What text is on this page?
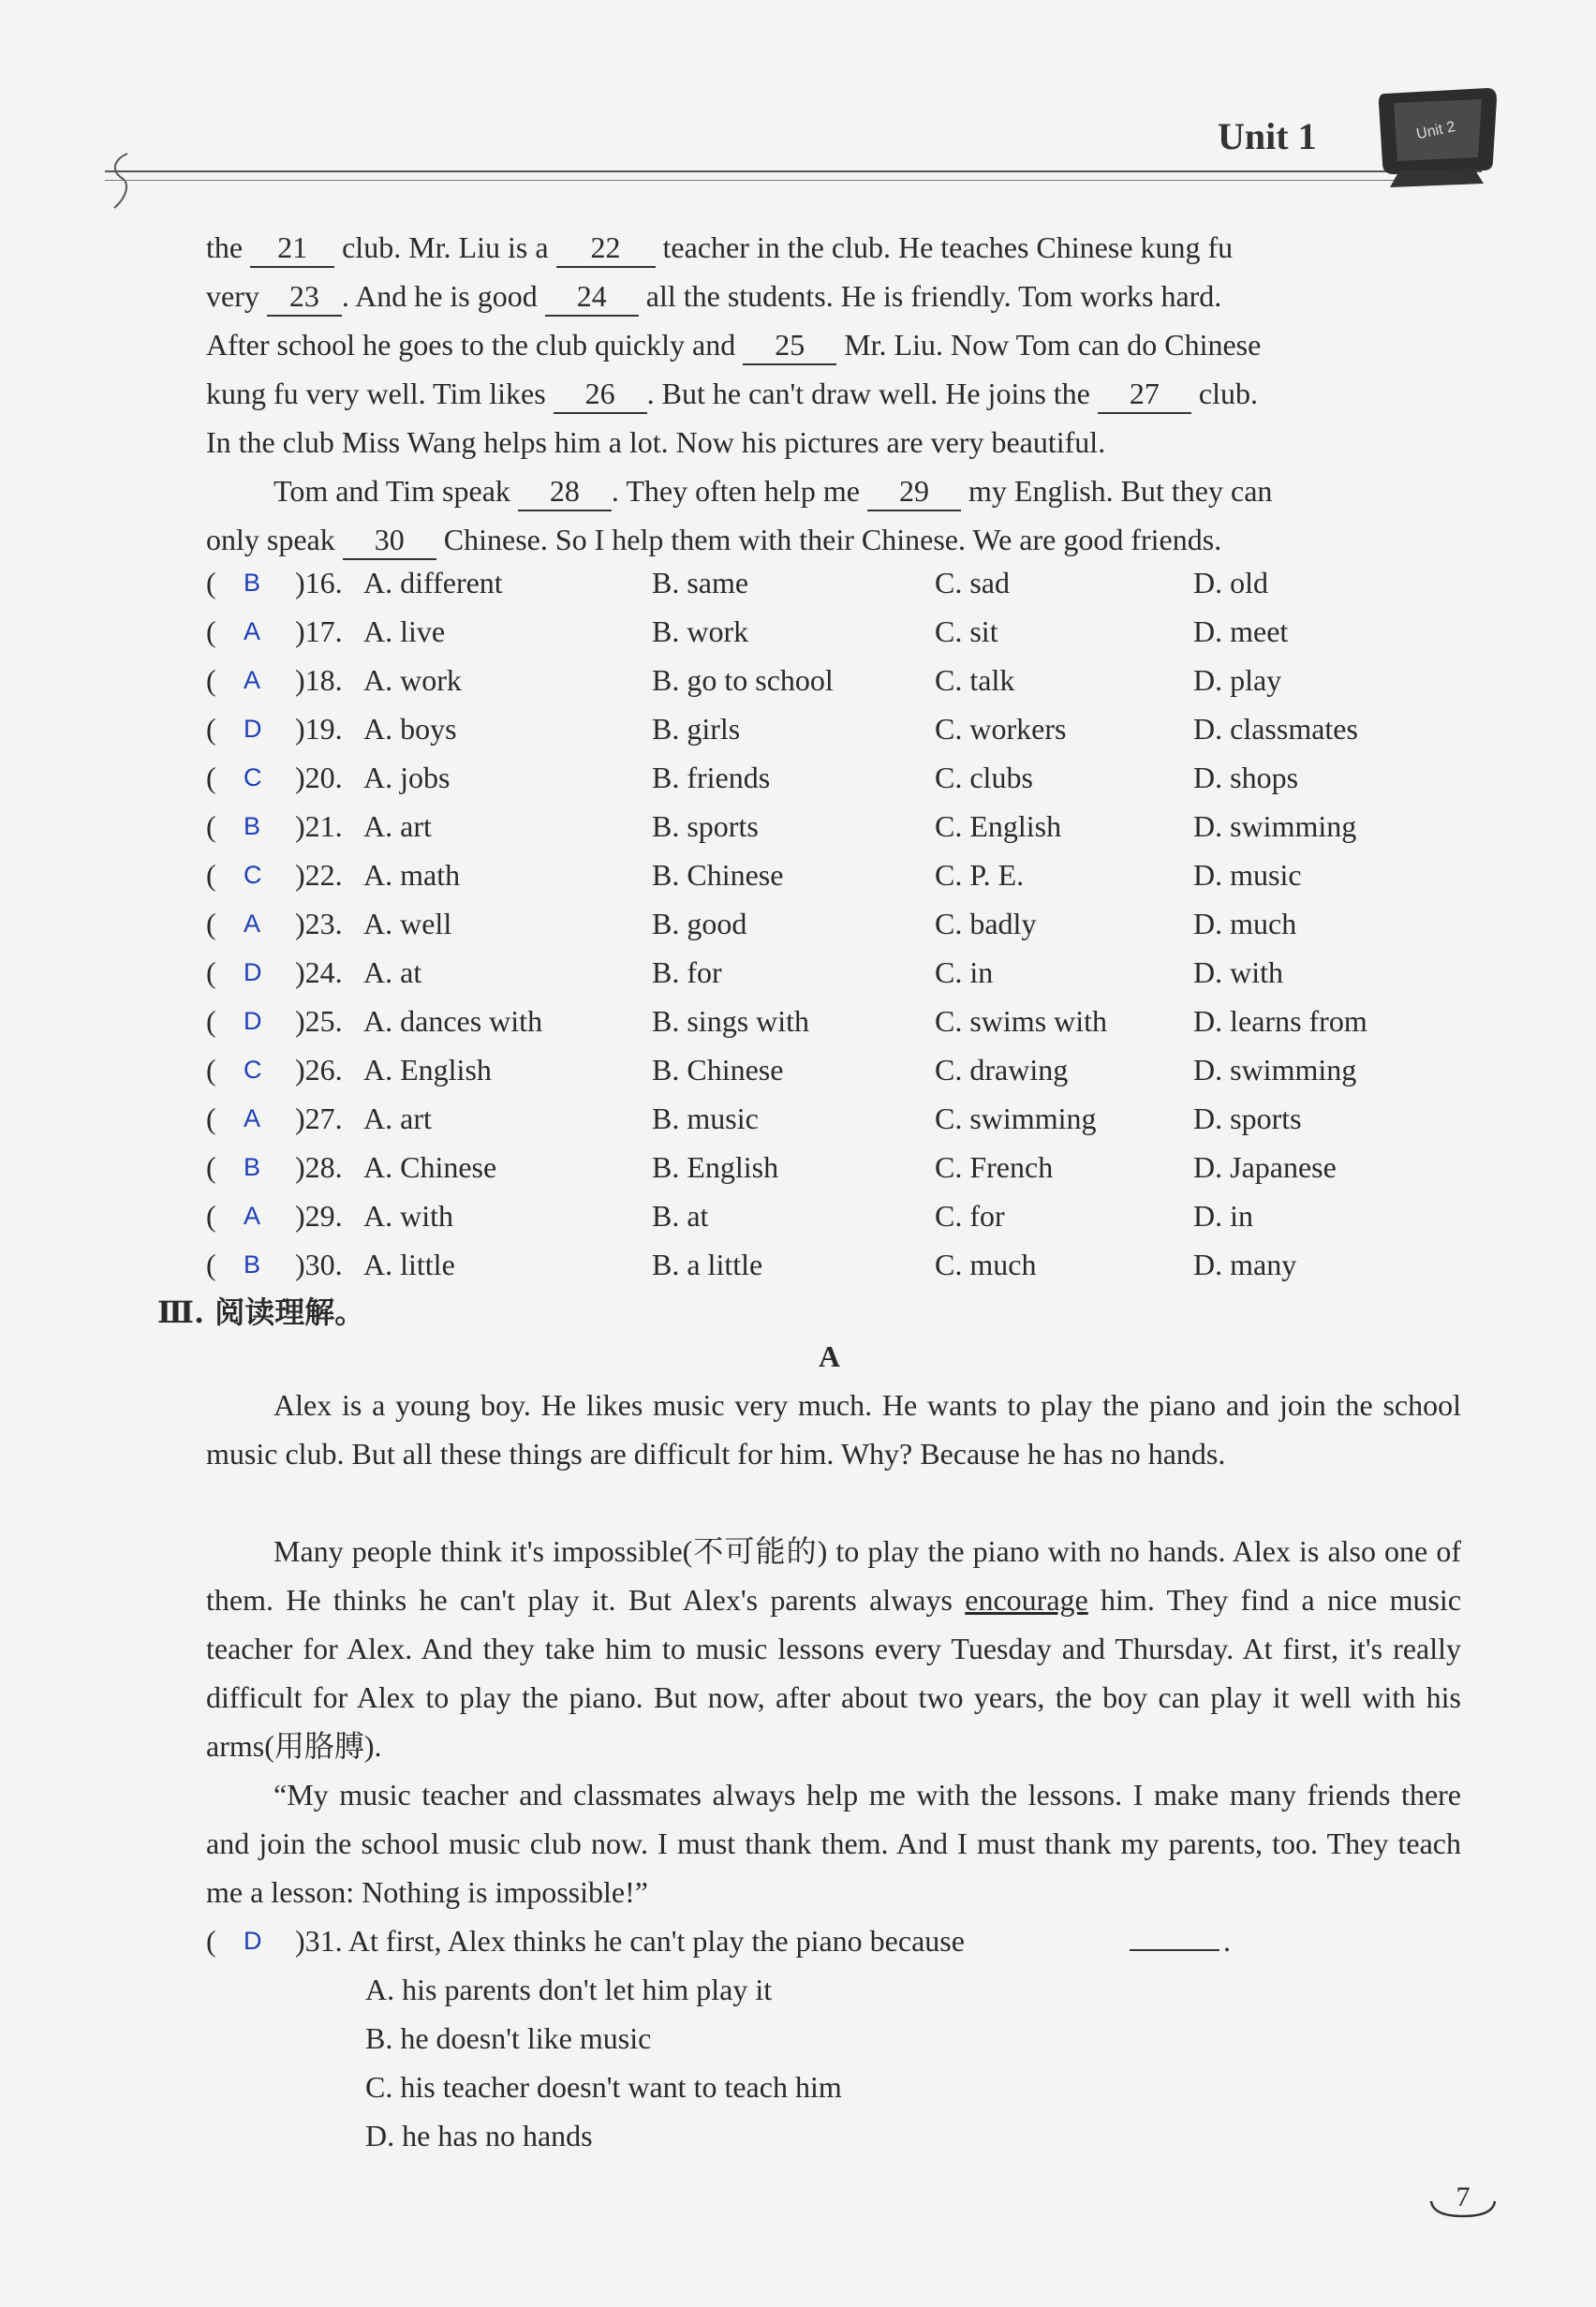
Unit 1	Unit 2
the 21 club. Mr. Liu is a 22 teacher in the club. He teaches Chinese kung fu
very 23 . And he is good 24 all the students. He is friendly. Tom works hard.
After school he goes to the club quickly and 25 Mr. Liu. Now Tom can do Chinese
kung fu very well. Tim likes 26 . But he can't draw well. He joins the 27 club.
In the club Miss Wang helps him a lot. Now his pictures are very beautiful.
Tom and Tim speak 28 . They often help me 29 my English. But they can
only speak 30 Chinese. So I help them with their Chinese. We are good friends.
( B )16. A. different	B. same	C. sad	D. old
( A )17. A. live	B. work	C. sit	D. meet
( A )18. A. work	B. go to school	C. talk	D. play
( D )19. A. boys	B. girls	C. workers	D. classmates
( C )20. A. jobs	B. friends	C. clubs	D. shops
( B )21. A. art	B. sports	C. English	D. swimming
( C )22. A. math	B. Chinese	C. P. E.	D. music
( A )23. A. well	B. good	C. badly	D. much
( D )24. A. at	B. for	C. in	D. with
( D )25. A. dances with	B. sings with	C. swims with	D. learns from
( C )26. A. English	B. Chinese	C. drawing	D. swimming
( A )27. A. art	B. music	C. swimming	D. sports
( B )28. A. Chinese	B. English	C. French	D. Japanese
( A )29. A. with	B. at	C. for	D. in
( B )30. A. little	B. a little	C. much	D. many
Ⅲ. 阅读理解。
A
Alex is a young boy. He likes music very much. He wants to play the piano and join the school music club. But all these things are difficult for him. Why? Because he has no hands.
Many people think it's impossible(不可能的) to play the piano with no hands. Alex is also one of them. He thinks he can't play it. But Alex's parents always encourage him. They find a nice music teacher for Alex. And they take him to music lessons every Tuesday and Thursday. At first, it's really difficult for Alex to play the piano. But now, after about two years, the boy can play it well with his arms(用胳膊).
“My music teacher and classmates always help me with the lessons. I make many friends there and join the school music club now. I must thank them. And I must thank my parents, too. They teach me a lesson: Nothing is impossible!”
( D )31. At first, Alex thinks he can't play the piano because	.
A. his parents don't let him play it
B. he doesn't like music
C. his teacher doesn't want to teach him
D. he has no hands
7
